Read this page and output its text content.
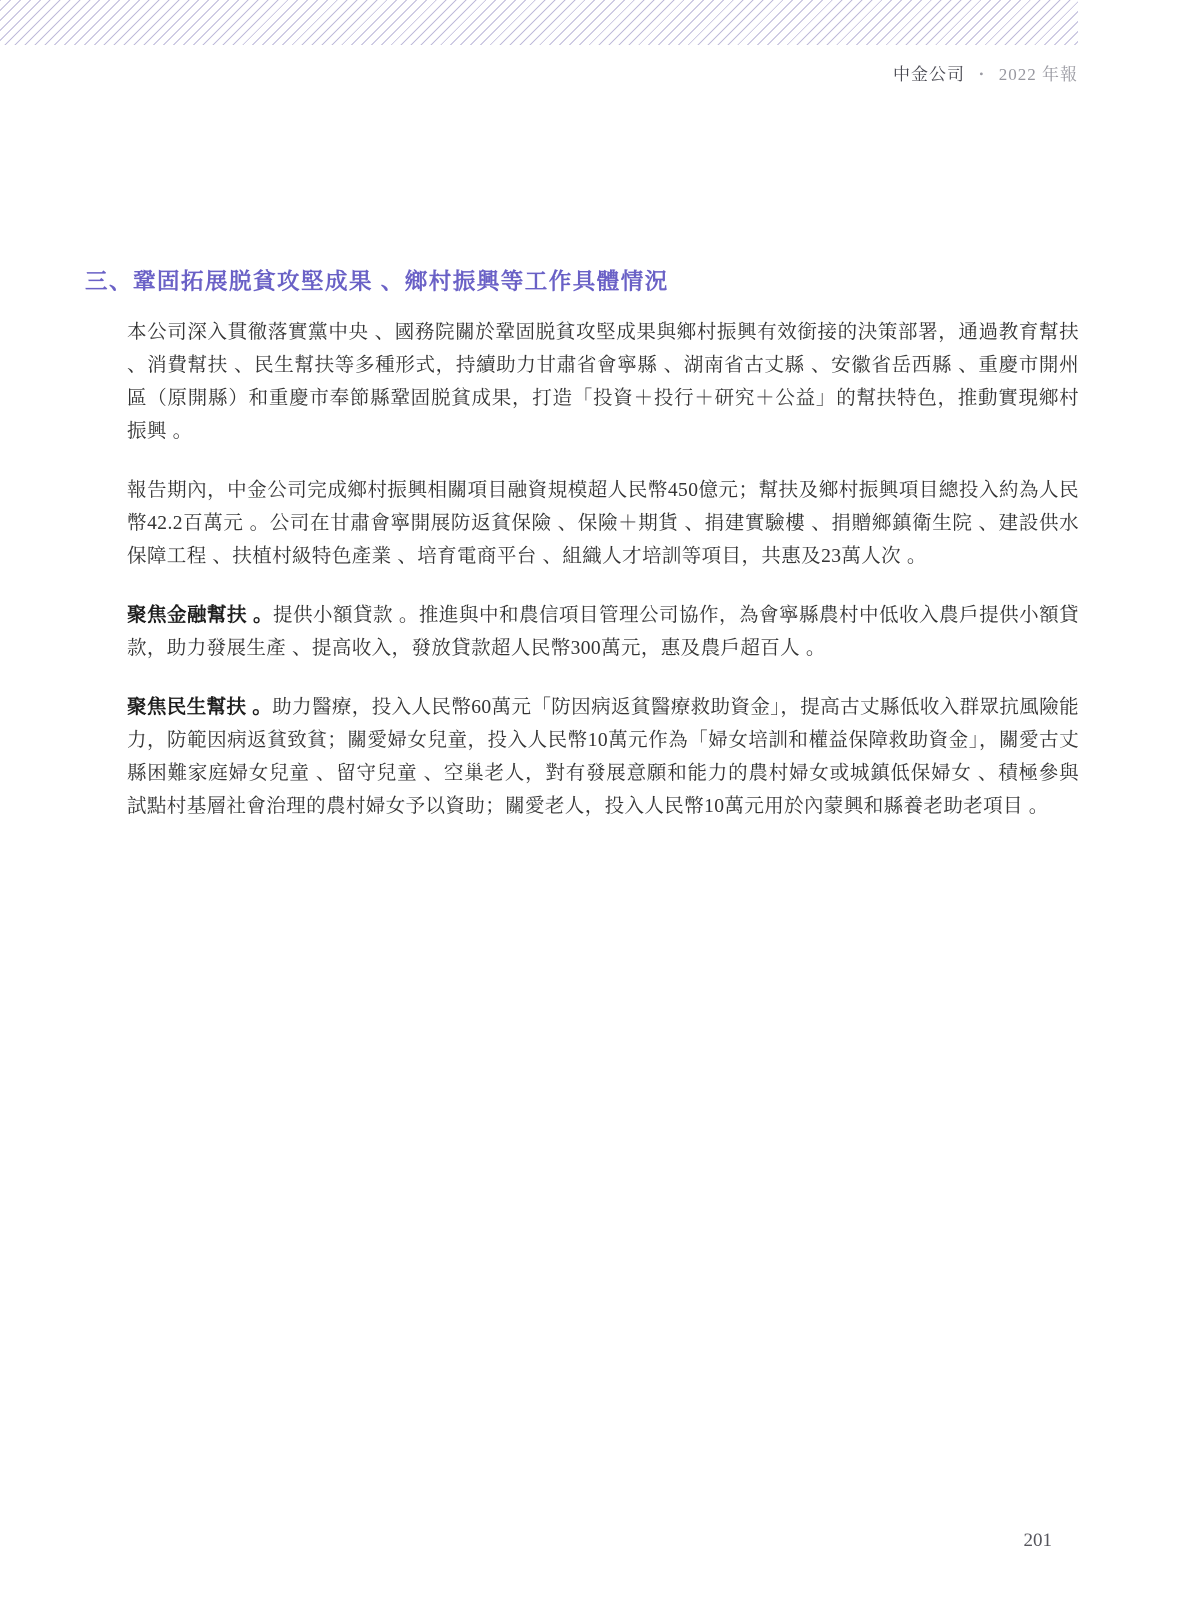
中金公司 • 2022 年報
三、鞏固拓展脱貧攻堅成果 、鄉村振興等工作具體情況

本公司深入貫徹落實黨中央 、國務院關於鞏固脱貧攻堅成果與鄉村振興有效銜接的決策部署，通過教育幫扶 、消費幫扶 、民生幫扶等多種形式，持續助力甘肅省會寧縣 、湖南省古丈縣 、安徽省岳西縣 、重慶市開州區（原開縣）和重慶市奉節縣鞏固脱貧成果，打造「投資＋投行＋研究＋公益」的幫扶特色，推動實現鄉村振興 。

報告期內，中金公司完成鄉村振興相關項目融資規模超人民幣450億元；幫扶及鄉村振興項目總投入約為人民幣42.2百萬元 。公司在甘肅會寧開展防返貧保險 、保險＋期貨 、捐建實驗樓 、捐贈鄉鎮衛生院 、建設供水保障工程 、扶植村級特色產業 、培育電商平台 、組織人才培訓等項目，共惠及23萬人次 。

聚焦金融幫扶 。提供小額貸款 。推進與中和農信項目管理公司協作，為會寧縣農村中低收入農戶提供小額貸款，助力發展生產 、提高收入，發放貸款超人民幣300萬元，惠及農戶超百人 。

聚焦民生幫扶 。助力醫療，投入人民幣60萬元「防因病返貧醫療救助資金」，提高古丈縣低收入群眾抗風險能力，防範因病返貧致貧；關愛婦女兒童，投入人民幣10萬元作為「婦女培訓和權益保障救助資金」，關愛古丈縣困難家庭婦女兒童 、留守兒童 、空巢老人，對有發展意願和能力的農村婦女或城鎮低保婦女 、積極參與試點村基層社會治理的農村婦女予以資助；關愛老人，投入人民幣10萬元用於內蒙興和縣養老助老項目 。

201
